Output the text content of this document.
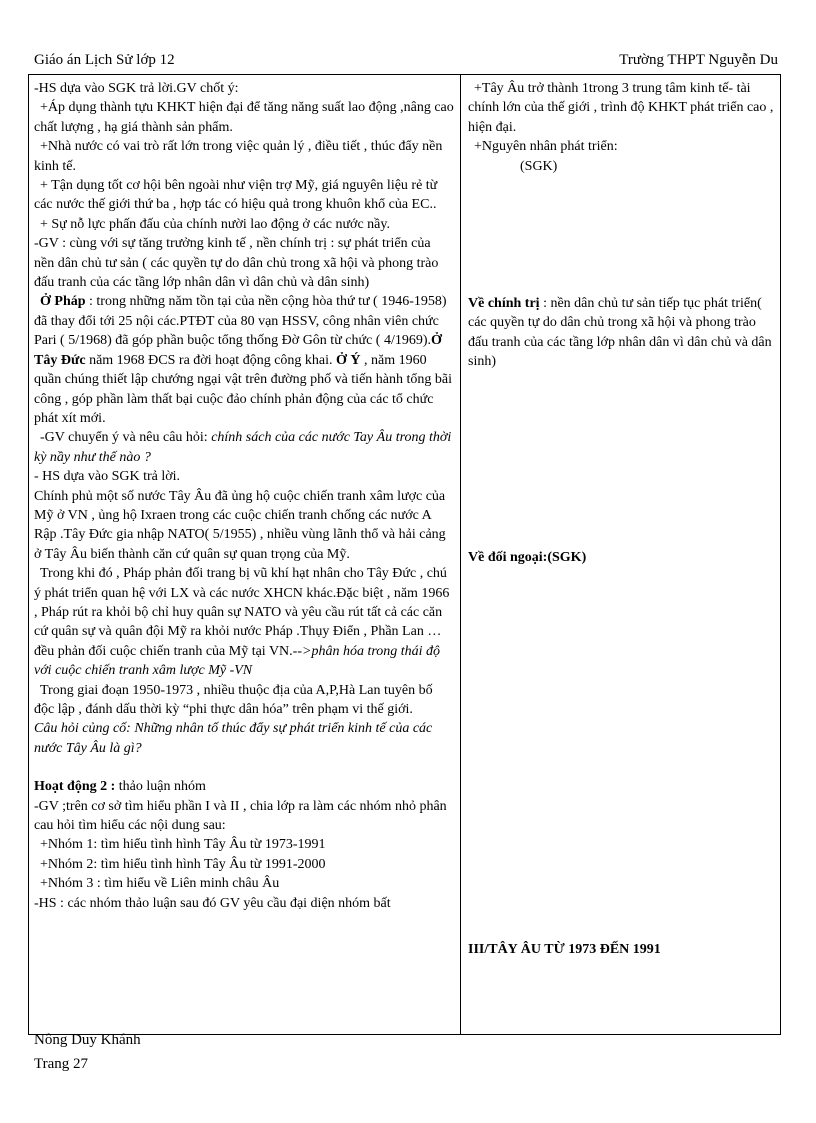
Giáo án Lịch Sử lớp 12	Trường THPT Nguyễn Du

-HS dựa vào SGK trả lời.GV chốt ý:

+Áp dụng thành tựu KHKT hiện đại để tăng năng suất lao động ,nâng cao chất lượng , hạ giá thành sản phẩm.

+Nhà nước có vai trò rất lớn trong việc quản lý , điều tiết , thúc đẩy nền kinh tế.

+ Tận dụng tốt cơ hội bên ngoài như viện trợ Mỹ, giá nguyên liệu rẻ từ các nước thế giới thứ ba , hợp tác có hiệu quả trong khuôn khổ của EC..

+ Sự nỗ lực phấn đấu của chính nười lao động ở các nước nầy.

-GV : cùng với sự tăng trưởng kinh tế , nền chính trị : sự phát triển của nền dân chủ tư sản ( các quyền tự do dân chủ trong xã hội và phong trào đấu tranh của các tầng lớp nhân dân vì dân chủ và dân sinh)

Ở Pháp : trong những năm tồn tại của nền cộng hòa thứ tư ( 1946-1958) đã thay đổi tới 25 nội các.PTĐT của 80 vạn HSSV, công nhân viên chức Pari ( 5/1968) đã góp phần buộc tổng thống Đờ Gôn từ chức ( 4/1969).Ở Tây Đức năm 1968 ĐCS ra đời hoạt động công khai. Ở Ý , năm 1960 quần chúng thiết lập chướng ngại vật trên đường phố và tiến hành tổng bãi công , góp phần làm thất bại cuộc đảo chính phản động của các tổ chức phát xít mới.

-GV chuyển ý và nêu câu hỏi: chính sách của các nước Tay Âu trong thời kỳ nầy như thế nào ?

- HS dựa vào SGK trả lời.

Chính phủ một số nước Tây Âu đã ủng hộ cuộc chiến tranh xâm lược của Mỹ ở VN , ủng hộ Ixraen trong các cuộc chiến tranh chống các nước A Rập .Tây Đức gia nhập NATO( 5/1955) , nhiều vùng lãnh thổ và hải cảng ở Tây Âu biến thành căn cứ quân sự quan trọng của Mỹ.

Trong khi đó , Pháp phản đối trang bị vũ khí hạt nhân cho Tây Đức , chú ý phát triển quan hệ với LX và các nước XHCN khác.Đặc biệt , năm 1966 , Pháp rút ra khỏi bộ chỉ huy quân sự NATO và yêu cầu rút tất cả các căn cứ quân sự và quân đội Mỹ ra khỏi nước Pháp .Thụy Điển , Phần Lan …đều phản đối cuộc chiến tranh của Mỹ tại VN.-->phân hóa trong thái độ với cuộc chiến tranh xâm lược Mỹ -VN

Trong giai đoạn 1950-1973 , nhiều thuộc địa của A,P,Hà Lan tuyên bố độc lập , đánh dấu thời kỳ “phi thực dân hóa” trên phạm vi thế giới.

Câu hỏi củng cố: Những nhân tố thúc đẩy sự phát triển kinh tế của các nước Tây Âu là gì?

Hoạt động 2 : thảo luận nhóm

-GV ;trên cơ sở tìm hiểu phần I và II , chia lớp ra làm các nhóm nhỏ phân cau hỏi tìm hiểu các nội dung sau:

+Nhóm 1: tìm hiểu tình hình Tây Âu từ 1973-1991

+Nhóm 2: tìm hiểu tình hình Tây Âu từ 1991-2000

+Nhóm 3 : tìm hiểu về Liên minh châu Âu

-HS : các nhóm thảo luận sau đó GV yêu cầu đại diện nhóm bất

+Tây Âu trở thành 1trong 3 trung tâm kinh tế- tài chính lớn của thế giới , trình độ KHKT phát triển cao , hiện đại.

+Nguyên nhân phát triển:

(SGK)

Về chính trị : nền dân chủ tư sản tiếp tục phát triển( các quyền tự do dân chủ trong xã hội và phong trào đấu tranh của các tầng lớp nhân dân vì dân chủ và dân sinh)

Về đối ngoại:(SGK)

III/TÂY ÂU TỪ 1973 ĐẾN 1991

Nông Duy Khánh
Trang 27
